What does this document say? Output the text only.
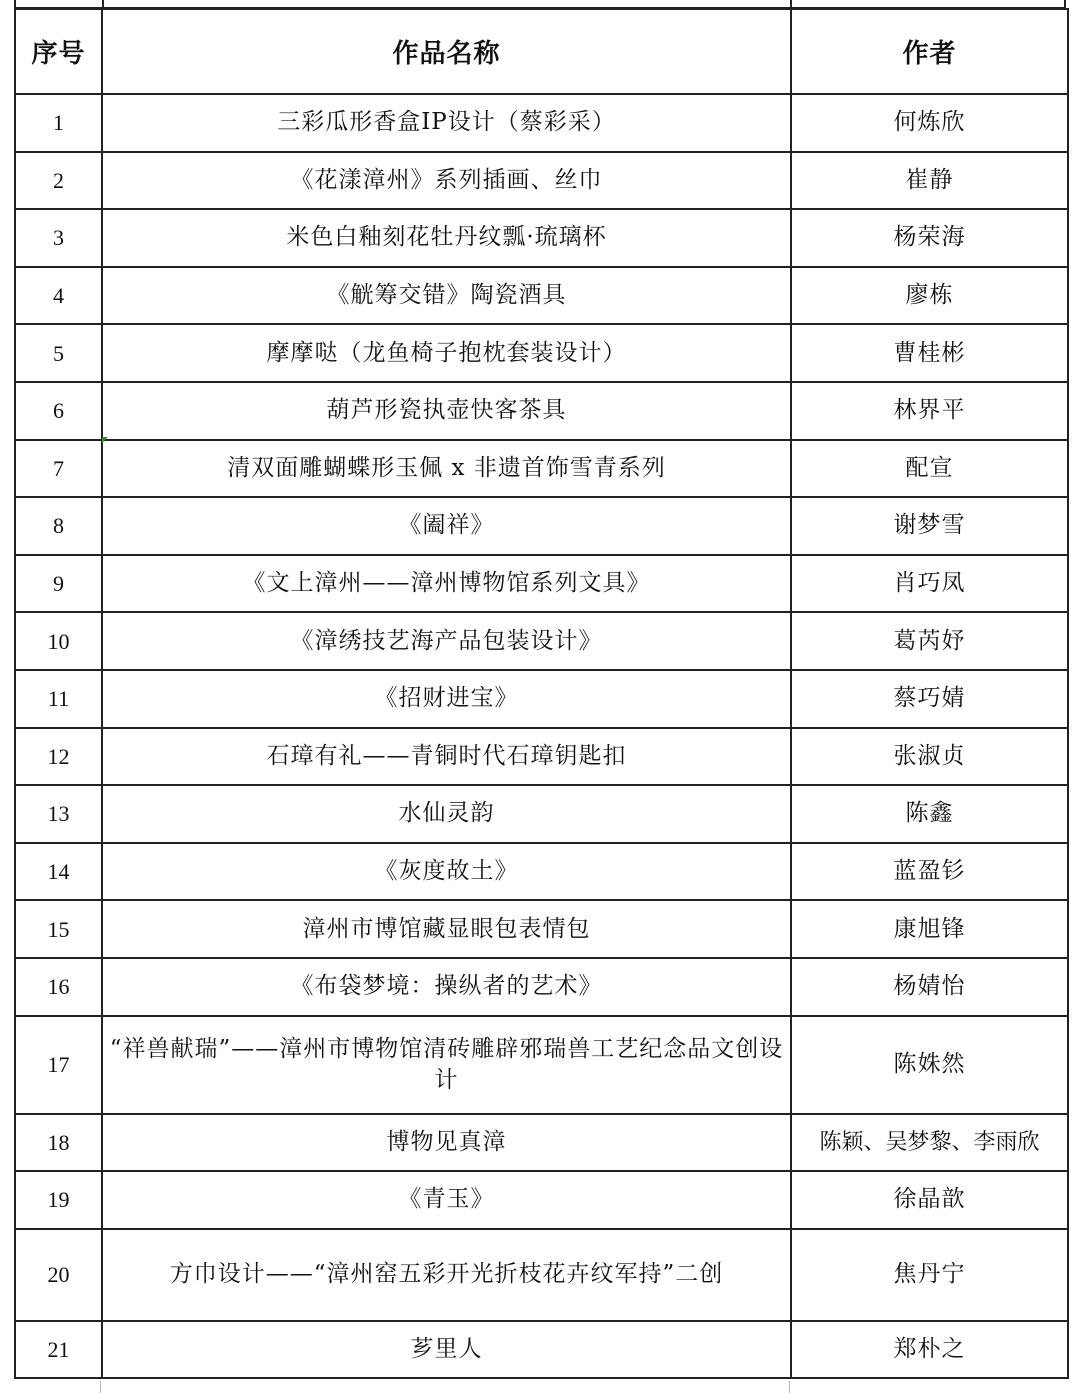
序号	作品名称	作者
1	三彩瓜形香盒IP设计（蔡彩采）	何炼欣
2	《花漾漳州》系列插画、丝巾	崔静
3	米色白釉刻花牡丹纹瓢·琉璃杯	杨荣海
4	《觥筹交错》陶瓷酒具	廖栋
5	摩摩哒（龙鱼椅子抱枕套装设计）	曹桂彬
6	葫芦形瓷执壶快客茶具	林界平
7	清双面雕蝴蝶形玉佩 x 非遗首饰雪青系列	配宣
8	《阖祥》	谢梦雪
9	《文上漳州——漳州博物馆系列文具》	肖巧凤
10	《漳绣技艺海产品包装设计》	葛芮妤
11	《招财进宝》	蔡巧婧
12	石璋有礼——青铜时代石璋钥匙扣	张淑贞
13	水仙灵韵	陈鑫
14	《灰度故土》	蓝盈钐
15	漳州市博馆藏显眼包表情包	康旭锋
16	《布袋梦境：操纵者的艺术》	杨婧怡
17	“祥兽献瑞”——漳州市博物馆清砖雕辟邪瑞兽工艺纪念品文创设计	陈姝然
18	博物见真漳	陈颖、吴梦黎、李雨欣
19	《青玉》	徐晶歆
20	方巾设计——“漳州窑五彩开光折枝花卉纹军持”二创	焦丹宁
21	芗里人	郑朴之
